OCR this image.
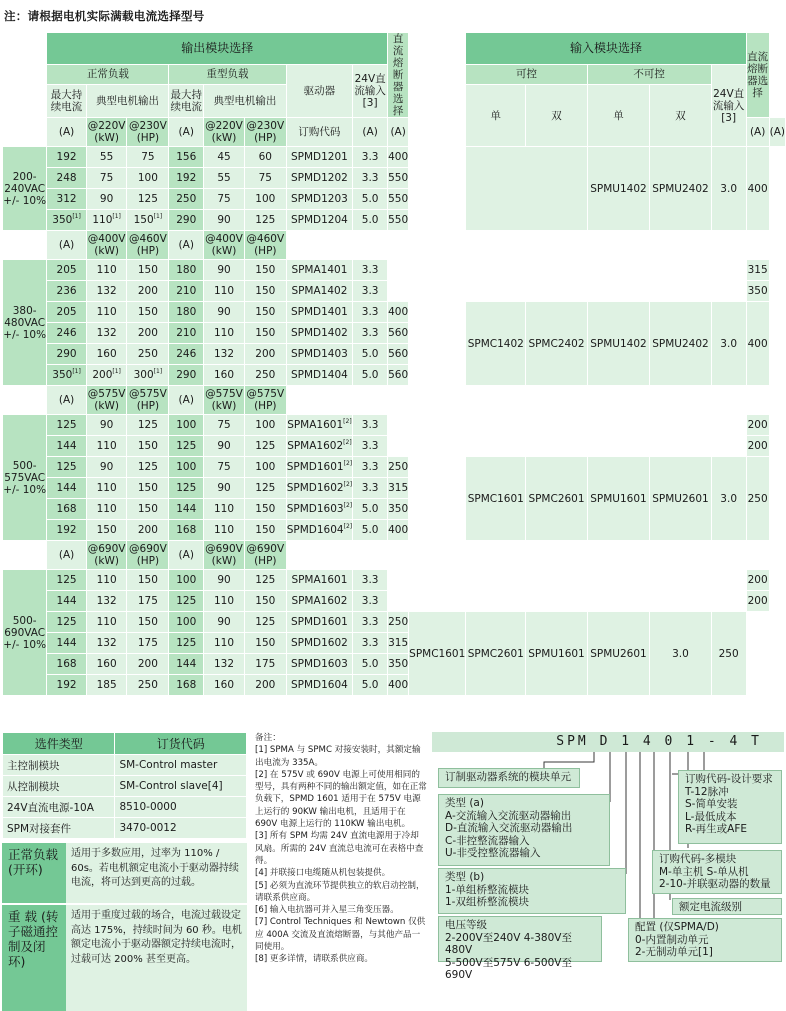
注：请根据电机实际满载电流选择型号
	输出模块选择								直流熔断器选择		输入模块选择					直流熔断器选择	
	正常负载			重型负载			驱动器	24V直流输入[3]			可控		不可控		24V直流输入[3]		
	最大持续电流	典型电机输出		最大持续电流	典型电机输出						单	双	单	双			
	(A)	@220V (kW)	@230V (HP)	(A)	@220V (kW)	@230V (HP)	订购代码	(A)	(A)							(A)	(A)
200-240VAC +/- 10%	192	55	75	156	45	60	SPMD1201	3.3	400				SPMU1402	SPMU2402	3.0	400	
	248	75	100	192	55	75	SPMD1202	3.3	550								
	312	90	125	250	75	100	SPMD1203	5.0	550								
	350[1]	110[1]	150[1]	290	90	125	SPMD1204	5.0	550								
	(A)	@400V (kW)	@460V (HP)	(A)	@400V (kW)	@460V (HP)											
380-480VAC +/- 10%	205	110	150	180	90	150	SPMA1401	3.3								315	
	236	132	200	210	110	150	SPMA1402	3.3								350	
	205	110	150	180	90	150	SPMD1401	3.3	400		SPMC1402	SPMC2402	SPMU1402	SPMU2402	3.0	400	
	246	132	200	210	110	150	SPMD1402	3.3	560								
	290	160	250	246	132	200	SPMD1403	5.0	560								
	350[1]	200[1]	300[1]	290	160	250	SPMD1404	5.0	560								
	(A)	@575V (kW)	@575V (HP)	(A)	@575V (kW)	@575V (HP)											
500-575VAC +/- 10%	125	90	125	100	75	100	SPMA1601[2]	3.3								200	
	144	110	150	125	90	125	SPMA1602[2]	3.3								200	
	125	90	125	100	75	100	SPMD1601[2]	3.3	250		SPMC1601	SPMC2601	SPMU1601	SPMU2601	3.0	250	
	144	110	150	125	90	125	SPMD1602[2]	3.3	315								
	168	110	150	144	110	150	SPMD1603[2]	5.0	350								
	192	150	200	168	110	150	SPMD1604[2]	5.0	400								
	(A)	@690V (kW)	@690V (HP)	(A)	@690V (kW)	@690V (HP)											
500-690VAC +/- 10%	125	110	150	100	90	125	SPMA1601	3.3								200	
	144	132	175	125	110	150	SPMA1602	3.3								200	
	125	110	150	100	90	125	SPMD1601	3.3	250	SPMC1601	SPMC2601	SPMU1601	SPMU2601	3.0	250		
	144	132	175	125	110	150	SPMD1602	3.3	315								
	168	160	200	144	132	175	SPMD1603	5.0	350								
	192	185	250	168	160	200	SPMD1604	5.0	400								
选件类型	订货代码
主控制模块	SM-Control master
从控制模块	SM-Control slave[4]
24V直流电源-10A	8510-0000
SPM对接套件	3470-0012
正常负载 (开环)
适用于多数应用，过率为 110% / 60s。若电机额定电流小于驱动器持续电流，将可达到更高的过载。
重 载 (转子磁通控制及闭环)
适用于重度过载的场合，电流过载设定高达 175%，持续时间为 60 秒。电机额定电流小于驱动器额定持续电流时，过载可达 200% 甚至更高。
备注：
[1] SPMA 与 SPMC 对接安装时，其额定输出电流为 335A。
[2] 在 575V 或 690V 电源上可使用相同的型号，具有两种不同的输出额定值，如在正常负载下，SPMD 1601 适用于在 575V 电源上运行的 90KW 输出电机，且适用于在 690V 电源上运行的 110KW 输出电机。
[3] 所有 SPM 均需 24V 直流电源用于冷却风扇。所需的 24V 直流总电流可在表格中查得。
[4] 并联接口电缆随从机包装提供。
[5] 必须为直流环节提供独立的软启动控制，请联系供应商。
[6] 输入电抗器可并入星三角变压器。
[7] Control Techniques 和 Newtown 仅供应 400A 交流及直流熔断器，与其他产品一同使用。
[8] 更多详情，请联系供应商。
SPM D 1 4 0 1 - 4 T
订制驱动器系统的模块单元
类型 (a)
A-交流输入交流驱动器输出
D-直流输入交流驱动器输出
C-非控整流器输入
U-非受控整流器输入
类型 (b)
1-单组桥整流模块
1-双组桥整流模块
电压等级
2-200V至240V 4-380V至480V
5-500V至575V 6-500V至690V
订购代码-设计要求
T-12脉冲
S-简单安装
L-最低成本
R-再生或AFE
订购代码-多模块
M-单主机 S-单从机
2-10-并联驱动器的数量
额定电流级别
配置 (仅SPMA/D)
0-内置制动单元
2-无制动单元[1]
